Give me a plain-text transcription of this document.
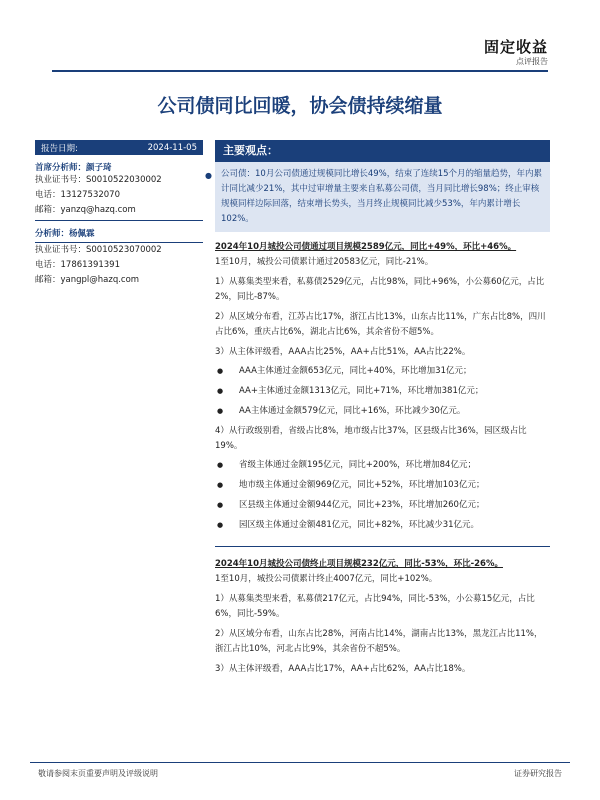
固定收益
点评报告
公司债同比回暖，协会债持续缩量
报告日期:	2024-11-05
首席分析师：颜子琦
执业证书号：S0010522030002
电话：13127532070
邮箱：yanzq@hazq.com
分析师：杨佩霖
执业证书号：S0010523070002
电话：17861391391
邮箱：yangpl@hazq.com
主要观点：
● 公司债：10月公司债通过规模同比增长49%，结束了连续15个月的缩量趋势，年内累计同比减少21%，其中过审增量主要来自私募公司债，当月同比增长98%；终止审核规模同样边际回落，结束增长势头，当月终止规模同比减少53%，年内累计增长102%。
2024年10月城投公司债通过项目规模2589亿元，同比+49%，环比+46%。

1至10月，城投公司债累计通过20583亿元，同比-21%。

1）从募集类型来看，私募债2529亿元，占比98%，同比+96%，小公募60亿元，占比2%，同比-87%。

2）从区域分布看，江苏占比17%，浙江占比13%，山东占比11%，广东占比8%，四川占比6%，重庆占比6%，湖北占比6%，其余省份不超5%。

3）从主体评级看，AAA占比25%，AA+占比51%，AA占比22%。

● AAA主体通过金额653亿元，同比+40%，环比增加31亿元；
● AA+主体通过金额1313亿元，同比+71%，环比增加381亿元；
● AA主体通过金额579亿元，同比+16%，环比减少30亿元。

4）从行政级别看，省级占比8%，地市级占比37%，区县级占比36%，园区级占比19%。

● 省级主体通过金额195亿元，同比+200%，环比增加84亿元；
● 地市级主体通过金额969亿元，同比+52%，环比增加103亿元；
● 区县级主体通过金额944亿元，同比+23%，环比增加260亿元；
● 园区级主体通过金额481亿元，同比+82%，环比减少31亿元。
2024年10月城投公司债终止项目规模232亿元，同比-53%，环比-26%。

1至10月，城投公司债累计终止4007亿元，同比+102%。

1）从募集类型来看，私募债217亿元，占比94%，同比-53%，小公募15亿元，占比6%，同比-59%。

2）从区域分布看，山东占比28%，河南占比14%，湖南占比13%，黑龙江占比11%，浙江占比10%，河北占比9%，其余省份不超5%。

3）从主体评级看，AAA占比17%，AA+占比62%，AA占比18%。

敬请参阅末页重要声明及评级说明	证券研究报告
